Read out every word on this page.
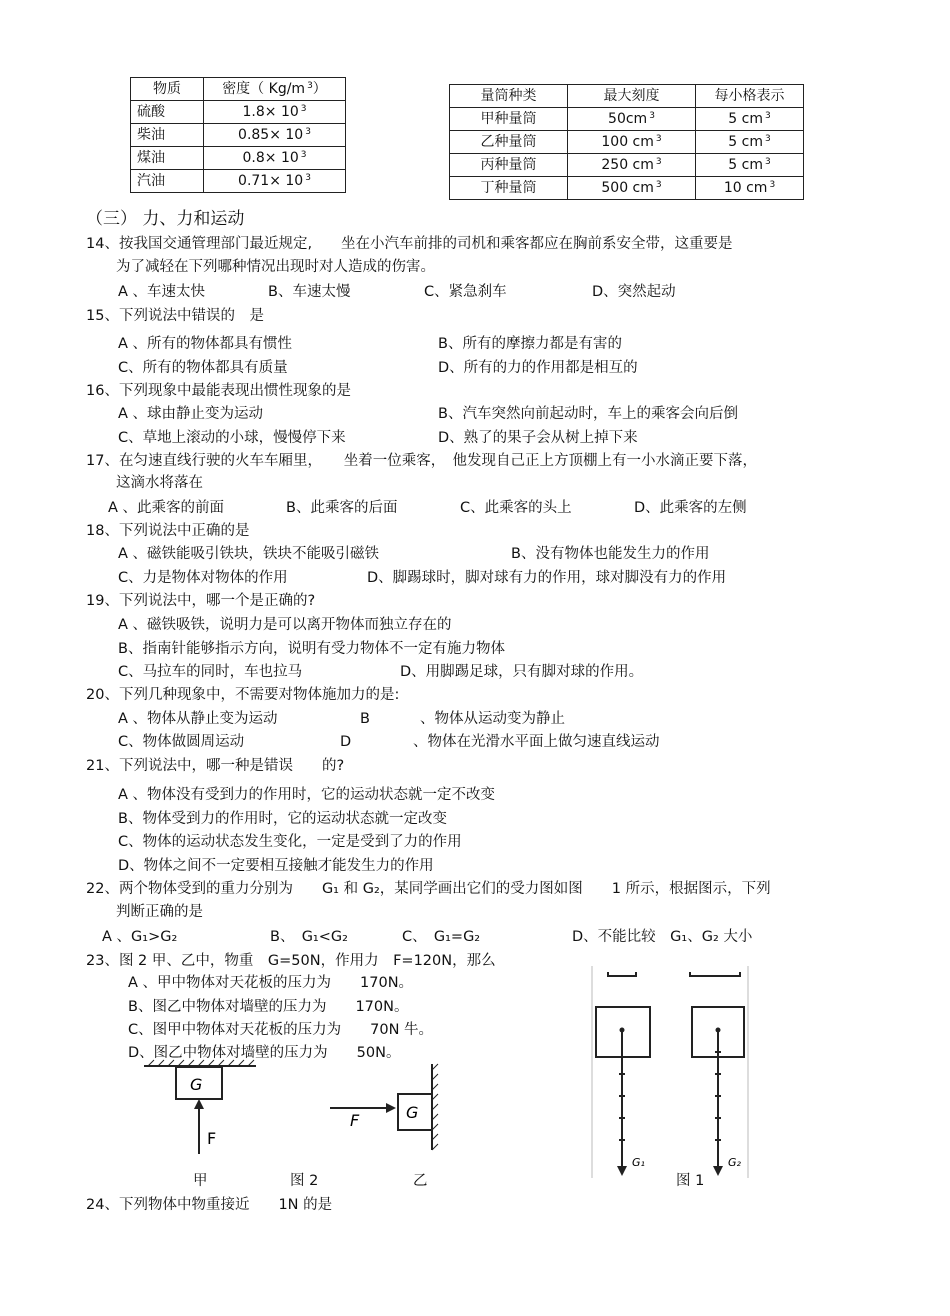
物质	密度（ Kg/m $^3$）
硫酸	1.8× 10 $^3$
柴油	0.85× 10 $^3$
煤油	0.8× 10 $^3$
汽油	0.71× 10 $^3$
量筒种类	最大刻度	每小格表示
甲种量筒	50cm $^3$	5 cm $^3$
乙种量筒	100 cm $^3$	5 cm $^3$
丙种量筒	250 cm $^3$	5 cm $^3$
丁种量筒	500 cm $^3$	10 cm $^3$
（三） 力、力和运动
14、按我国交通管理部门最近规定,　　坐在小汽车前排的司机和乘客都应在胸前系安全带，这重要是
为了减轻在下列哪种情况出现时对人造成的伤害。
A 、车速太快	B、车速太慢	C、紧急刹车	D、突然起动
15、下列说法中错误的　是
A 、所有的物体都具有惯性	B、所有的摩擦力都是有害的
C、所有的物体都具有质量	D、所有的力的作用都是相互的
16、下列现象中最能表现出惯性现象的是
A 、球由静止变为运动	B、汽车突然向前起动时，车上的乘客会向后倒
C、草地上滚动的小球，慢慢停下来	D、熟了的果子会从树上掉下来
17、在匀速直线行驶的火车车厢里，　　坐着一位乘客，　他发现自己正上方顶棚上有一小水滴正要下落，
这滴水将落在
A 、此乘客的前面	B、此乘客的后面	C、此乘客的头上	D、此乘客的左侧
18、下列说法中正确的是
A 、磁铁能吸引铁块，铁块不能吸引磁铁	B、没有物体也能发生力的作用
C、力是物体对物体的作用	D、脚踢球时，脚对球有力的作用，球对脚没有力的作用
19、下列说法中，哪一个是正确的?
A 、磁铁吸铁，说明力是可以离开物体而独立存在的
B、指南针能够指示方向，说明有受力物体不一定有施力物体
C、马拉车的同时，车也拉马	D、用脚踢足球，只有脚对球的作用。
20、下列几种现象中，不需要对物体施加力的是:
A 、物体从静止变为运动	B	、物体从运动变为静止
C、物体做圆周运动	D	、物体在光滑水平面上做匀速直线运动
21、下列说法中，哪一种是错误　　的?
A 、物体没有受到力的作用时，它的运动状态就一定不改变
B、物体受到力的作用时，它的运动状态就一定改变
C、物体的运动状态发生变化，一定是受到了力的作用
D、物体之间不一定要相互接触才能发生力的作用
22、两个物体受到的重力分别为　　G₁ 和 G₂，某同学画出它们的受力图如图　　1 所示，根据图示，下列
判断正确的是
A 、G₁>G₂	B、　G₁<G₂	C、　G₁=G₂	D、不能比较　G₁、G₂ 大小
23、图 2 甲、乙中，物重　G=50N，作用力　F=120N，那么
A 、甲中物体对天花板的压力为　　170N。
B、图乙中物体对墙壁的压力为　　170N。
C、图甲中物体对天花板的压力为　　70N 牛。
D、图乙中物体对墙壁的压力为　　50N。
G
F
G
F
甲	图 2	乙
G₁	G₂
图 1
24、下列物体中物重接近　　1N 的是
